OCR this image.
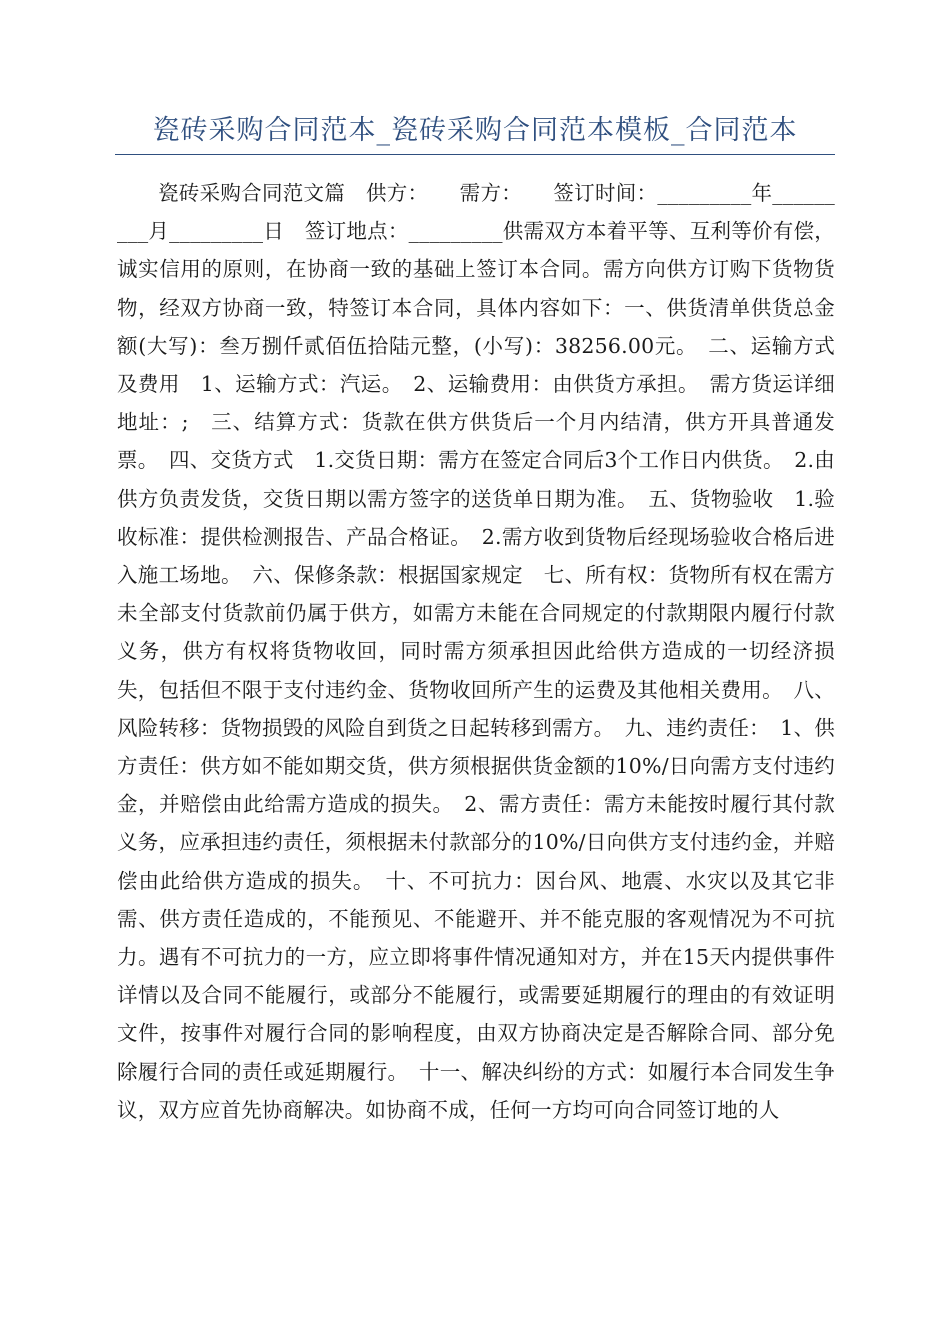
瓷砖采购合同范本_瓷砖采购合同范本模板_合同范本

瓷砖采购合同范文篇　供方：　　需方：　　签订时间：_________年_________月_________日　签订地点：_________供需双方本着平等、互利等价有偿，诚实信用的原则，在协商一致的基础上签订本合同。需方向供方订购下货物货物，经双方协商一致，特签订本合同，具体内容如下：一、供货清单供货总金额(大写)：叁万捌仟贰佰伍拾陆元整，(小写)：38256.00元。　二、运输方式及费用　1、运输方式：汽运。　2、运输费用：由供货方承担。　需方货运详细地址：;　三、结算方式：货款在供方供货后一个月内结清，供方开具普通发票。　四、交货方式　1.交货日期：需方在签定合同后3个工作日内供货。　2.由供方负责发货，交货日期以需方签字的送货单日期为准。　五、货物验收　1.验收标准：提供检测报告、产品合格证。　2.需方收到货物后经现场验收合格后进入施工场地。　六、保修条款：根据国家规定　七、所有权：货物所有权在需方未全部支付货款前仍属于供方，如需方未能在合同规定的付款期限内履行付款义务，供方有权将货物收回，同时需方须承担因此给供方造成的一切经济损失，包括但不限于支付违约金、货物收回所产生的运费及其他相关费用。　八、风险转移：货物损毁的风险自到货之日起转移到需方。　九、违约责任：　1、供方责任：供方如不能如期交货，供方须根据供货金额的10%/日向需方支付违约金，并赔偿由此给需方造成的损失。　2、需方责任：需方未能按时履行其付款义务，应承担违约责任，须根据未付款部分的10%/日向供方支付违约金，并赔偿由此给供方造成的损失。　十、不可抗力：因台风、地震、水灾以及其它非需、供方责任造成的，不能预见、不能避开、并不能克服的客观情况为不可抗力。遇有不可抗力的一方，应立即将事件情况通知对方，并在15天内提供事件详情以及合同不能履行，或部分不能履行，或需要延期履行的理由的有效证明文件，按事件对履行合同的影响程度，由双方协商决定是否解除合同、部分免除履行合同的责任或延期履行。　十一、解决纠纷的方式：如履行本合同发生争议，双方应首先协商解决。如协商不成，任何一方均可向合同签订地的人
